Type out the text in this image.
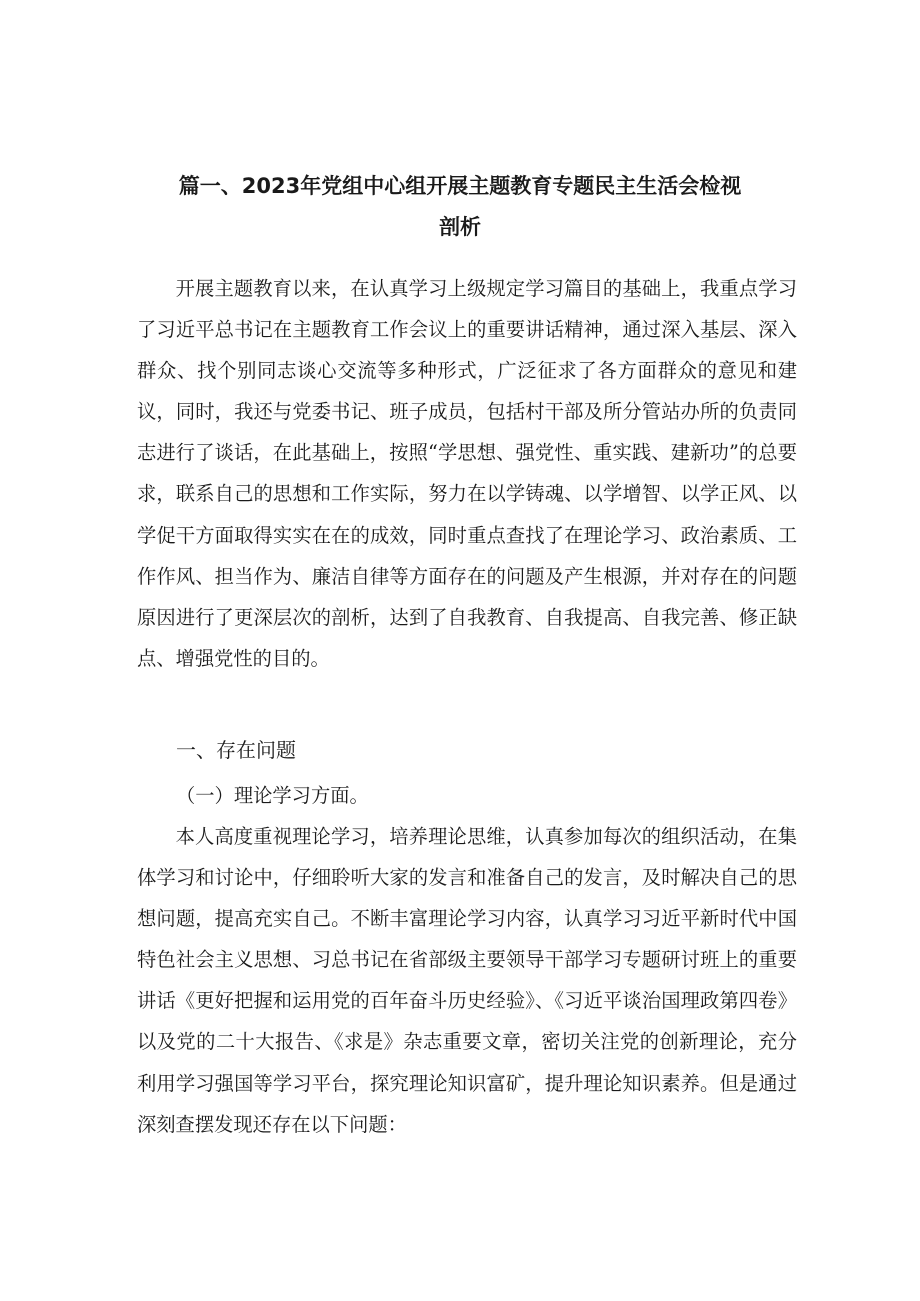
篇一、2023年党组中心组开展主题教育专题民主生活会检视
剖析

开展主题教育以来，在认真学习上级规定学习篇目的基础上，我重点学习了习近平总书记在主题教育工作会议上的重要讲话精神，通过深入基层、深入群众、找个别同志谈心交流等多种形式，广泛征求了各方面群众的意见和建议，同时，我还与党委书记、班子成员，包括村干部及所分管站办所的负责同志进行了谈话，在此基础上，按照“学思想、强党性、重实践、建新功”的总要求，联系自己的思想和工作实际，努力在以学铸魂、以学增智、以学正风、以学促干方面取得实实在在的成效，同时重点查找了在理论学习、政治素质、工作作风、担当作为、廉洁自律等方面存在的问题及产生根源，并对存在的问题原因进行了更深层次的剖析，达到了自我教育、自我提高、自我完善、修正缺点、增强党性的目的。

一、存在问题
（一）理论学习方面。

本人高度重视理论学习，培养理论思维，认真参加每次的组织活动，在集体学习和讨论中，仔细聆听大家的发言和准备自己的发言，及时解决自己的思想问题，提高充实自己。不断丰富理论学习内容，认真学习习近平新时代中国特色社会主义思想、习总书记在省部级主要领导干部学习专题研讨班上的重要讲话《更好把握和运用党的百年奋斗历史经验》、《习近平谈治国理政第四卷》以及党的二十大报告、《求是》杂志重要文章，密切关注党的创新理论，充分利用学习强国等学习平台，探究理论知识富矿，提升理论知识素养。但是通过深刻查摆发现还存在以下问题：
